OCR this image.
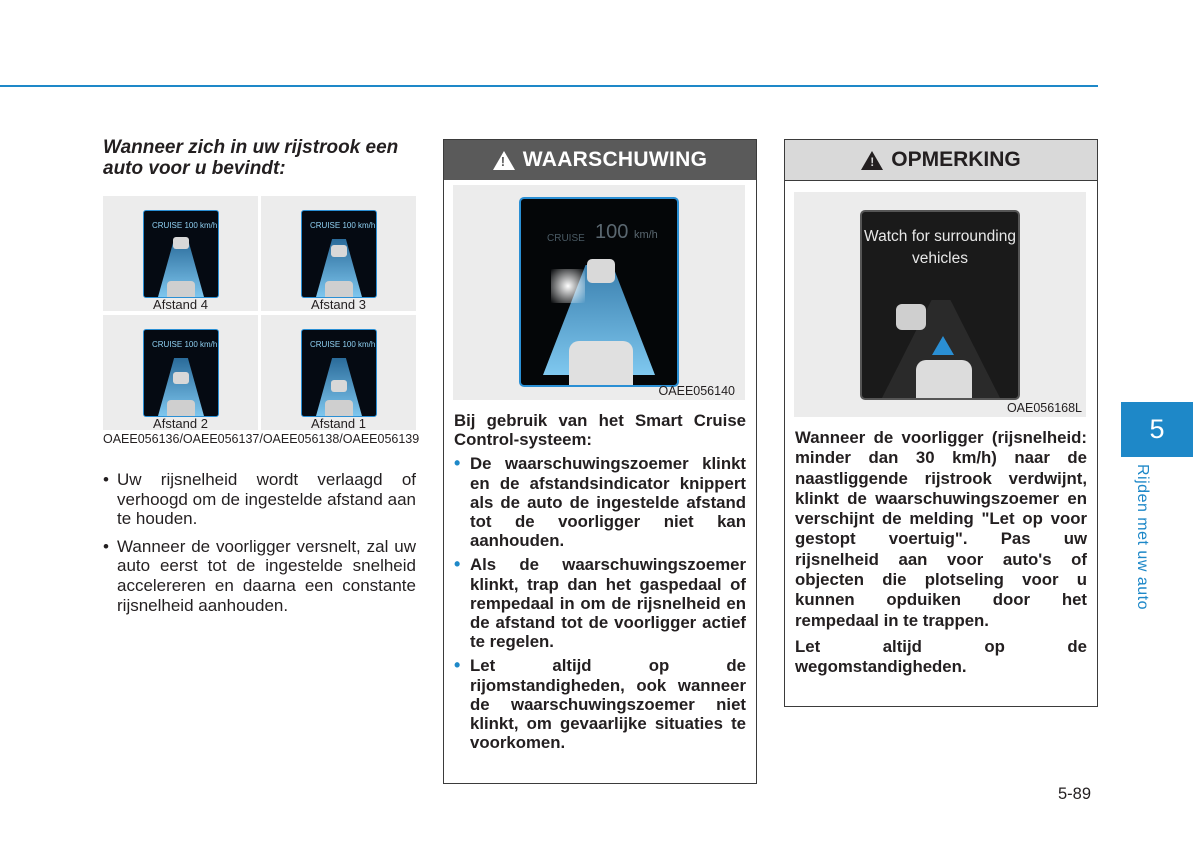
Wanneer zich in uw rijstrook een auto voor u bevindt:
CRUISE 100 km/h
Afstand 4
CRUISE 100 km/h
Afstand 3
CRUISE 100 km/h
Afstand 2
CRUISE 100 km/h
Afstand 1
OAEE056136/OAEE056137/OAEE056138/OAEE056139
• Uw rijsnelheid wordt verlaagd of verhoogd om de ingestelde afstand aan te houden.
• Wanneer de voorligger versnelt, zal uw auto eerst tot de ingestelde snelheid accelereren en daarna een constante rijsnelheid aanhouden.
!
WAARSCHUWING
CRUISE 100 km/h
OAEE056140

Bij gebruik van het Smart Cruise Control-systeem:

• De waarschuwingszoemer klinkt en de afstandsindicator knippert als de auto de ingestelde afstand tot de voorligger niet kan aanhouden.
• Als de waarschuwingszoemer klinkt, trap dan het gaspedaal of rempedaal in om de rijsnelheid en de afstand tot de voorligger actief te regelen.
• Let altijd op de rijomstandigheden, ook wanneer de waarschuwingszoemer niet klinkt, om gevaarlijke situaties te voorkomen.
!
OPMERKING
Watch for surrounding vehicles
OAE056168L

Wanneer de voorligger (rijsnelheid: minder dan 30 km/h) naar de naastliggende rijstrook verdwijnt, klinkt de waarschuwingszoemer en verschijnt de melding "Let op voor gestopt voertuig". Pas uw rijsnelheid aan voor auto's of objecten die plotseling voor u kunnen opduiken door het rempedaal in te trappen.

Let altijd op de wegomstandigheden.

5
Rijden met uw auto
5-89
